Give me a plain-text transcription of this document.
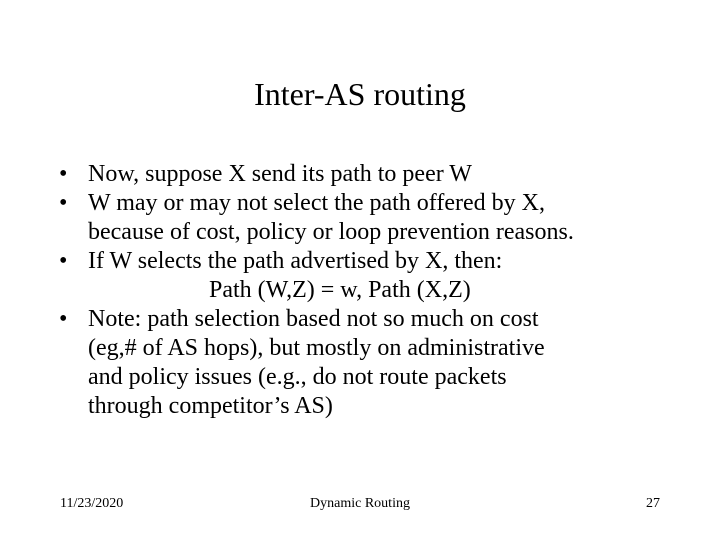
Inter-AS routing
• Now, suppose X send its path to peer W
• W may or may not select the path offered by X,
because of cost, policy or loop prevention reasons.
• If W selects the path advertised by X, then:
Path (W,Z) = w, Path (X,Z)
• Note: path selection based not so much on cost
(eg,# of AS hops), but mostly on administrative
and policy issues (e.g., do not route packets
through competitor’s AS)
11/23/2020	Dynamic Routing	27
